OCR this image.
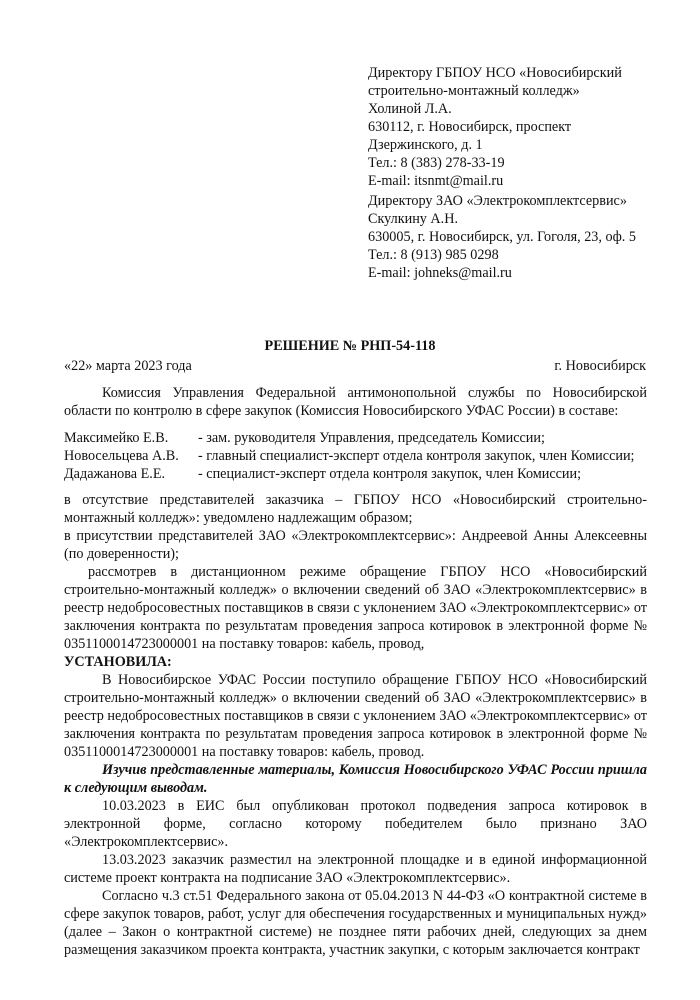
Директору ГБПОУ НСО «Новосибирский
строительно-монтажный колледж»
Холиной Л.А.
630112, г. Новосибирск, проспект
Дзержинского, д. 1
Тел.: 8 (383) 278-33-19
E-mail: itsnmt@mail.ru
Директору ЗАО «Электрокомплектсервис»
Скулкину А.Н.
630005, г. Новосибирск, ул. Гоголя, 23, оф. 5
Тел.: 8 (913) 985 0298
E-mail: johneks@mail.ru
РЕШЕНИЕ № РНП-54-118
«22» марта 2023 года	г. Новосибирск

Комиссия Управления Федеральной антимонопольной службы по Новосибирской области по контролю в сфере закупок (Комиссия Новосибирского УФАС России) в составе:

Максимейко Е.В.	- зам. руководителя Управления, председатель Комиссии;
Новосельцева А.В.	- главный специалист-эксперт отдела контроля закупок, член Комиссии;
Дадажанова Е.Е.	- специалист-эксперт отдела контроля закупок, член Комиссии;

в отсутствие представителей заказчика – ГБПОУ НСО «Новосибирский строительно-монтажный колледж»: уведомлено надлежащим образом;

в присутствии представителей ЗАО «Электрокомплектсервис»: Андреевой Анны Алексеевны (по доверенности);

рассмотрев в дистанционном режиме обращение ГБПОУ НСО «Новосибирский строительно-монтажный колледж» о включении сведений об ЗАО «Электрокомплектсервис» в реестр недобросовестных поставщиков в связи с уклонением ЗАО «Электрокомплектсервис» от заключения контракта по результатам проведения запроса котировок в электронной форме № 0351100014723000001 на поставку товаров: кабель, провод,

УСТАНОВИЛА:

В Новосибирское УФАС России поступило обращение ГБПОУ НСО «Новосибирский строительно-монтажный колледж» о включении сведений об ЗАО «Электрокомплектсервис» в реестр недобросовестных поставщиков в связи с уклонением ЗАО «Электрокомплектсервис» от заключения контракта по результатам проведения запроса котировок в электронной форме № 0351100014723000001 на поставку товаров: кабель, провод.

Изучив представленные материалы, Комиссия Новосибирского УФАС России пришла к следующим выводам.

10.03.2023 в ЕИС был опубликован протокол подведения запроса котировок в электронной форме, согласно которому победителем было признано ЗАО «Электрокомплектсервис».

13.03.2023 заказчик разместил на электронной площадке и в единой информационной системе проект контракта на подписание ЗАО «Электрокомплектсервис».

Согласно ч.3 ст.51 Федерального закона от 05.04.2013 N 44-ФЗ «О контрактной системе в сфере закупок товаров, работ, услуг для обеспечения государственных и муниципальных нужд» (далее – Закон о контрактной системе) не позднее пяти рабочих дней, следующих за днем размещения заказчиком проекта контракта, участник закупки, с которым заключается контракт
